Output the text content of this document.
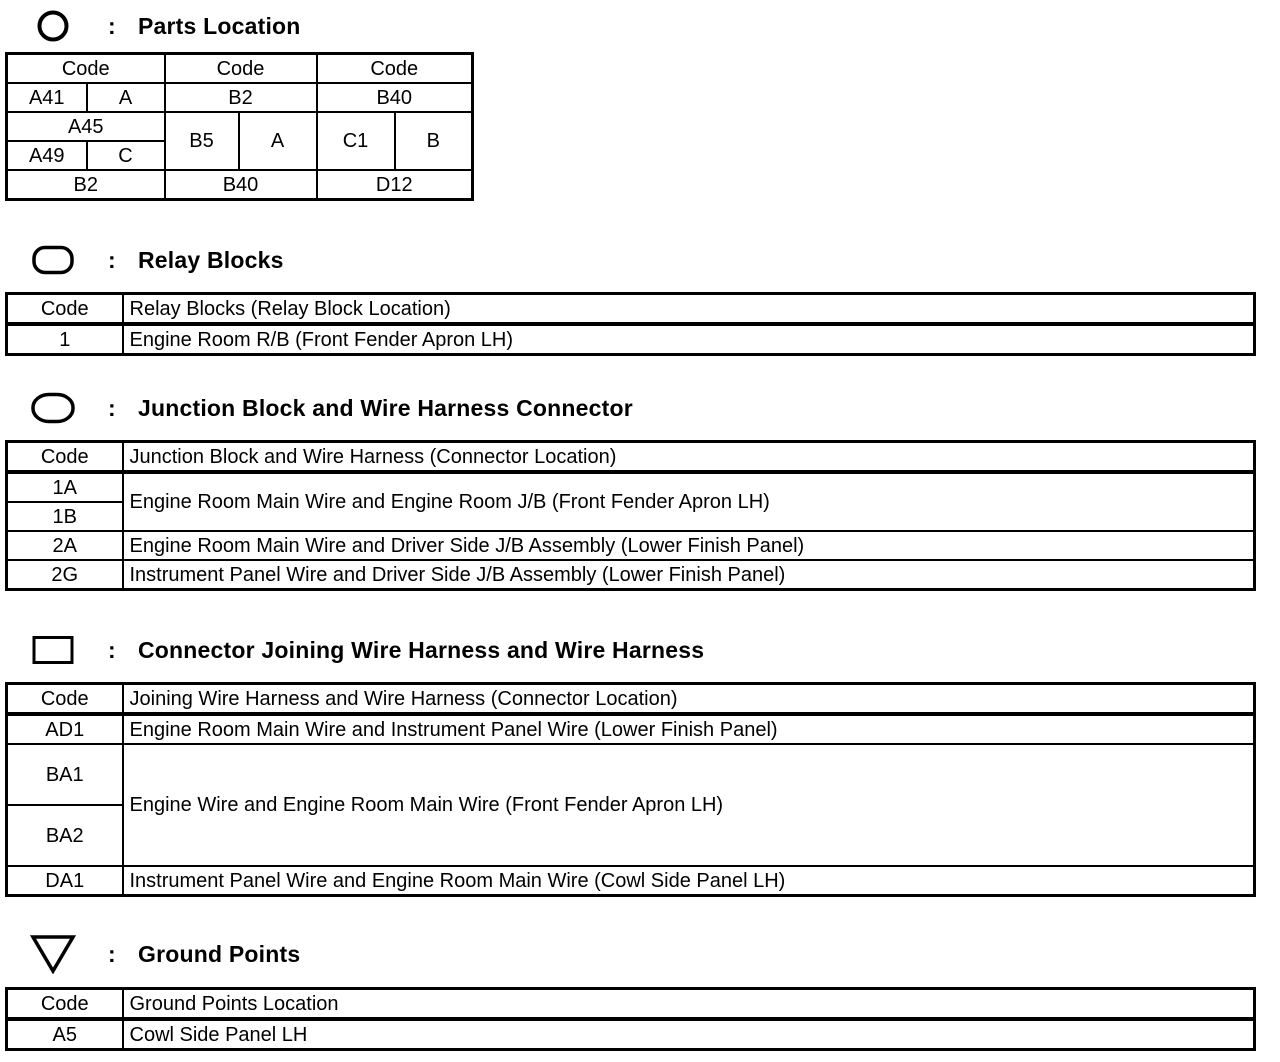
: Parts Location
Code		Code		Code	
A41	A	B2		B40	
A45		B5	A	C1	B
A49	C				
B2		B40		D12	
: Relay Blocks
Code	Relay Blocks (Relay Block Location)
1	Engine Room R/B (Front Fender Apron LH)
: Junction Block and Wire Harness Connector
Code	Junction Block and Wire Harness (Connector Location)
1A	Engine Room Main Wire and Engine Room J/B (Front Fender Apron LH)
1B	
2A	Engine Room Main Wire and Driver Side J/B Assembly (Lower Finish Panel)
2G	Instrument Panel Wire and Driver Side J/B Assembly (Lower Finish Panel)
: Connector Joining Wire Harness and Wire Harness
Code	Joining Wire Harness and Wire Harness (Connector Location)
AD1	Engine Room Main Wire and Instrument Panel Wire (Lower Finish Panel)
BA1	Engine Wire and Engine Room Main Wire (Front Fender Apron LH)
BA2	
DA1	Instrument Panel Wire and Engine Room Main Wire (Cowl Side Panel LH)
: Ground Points
Code	Ground Points Location
A5	Cowl Side Panel LH
